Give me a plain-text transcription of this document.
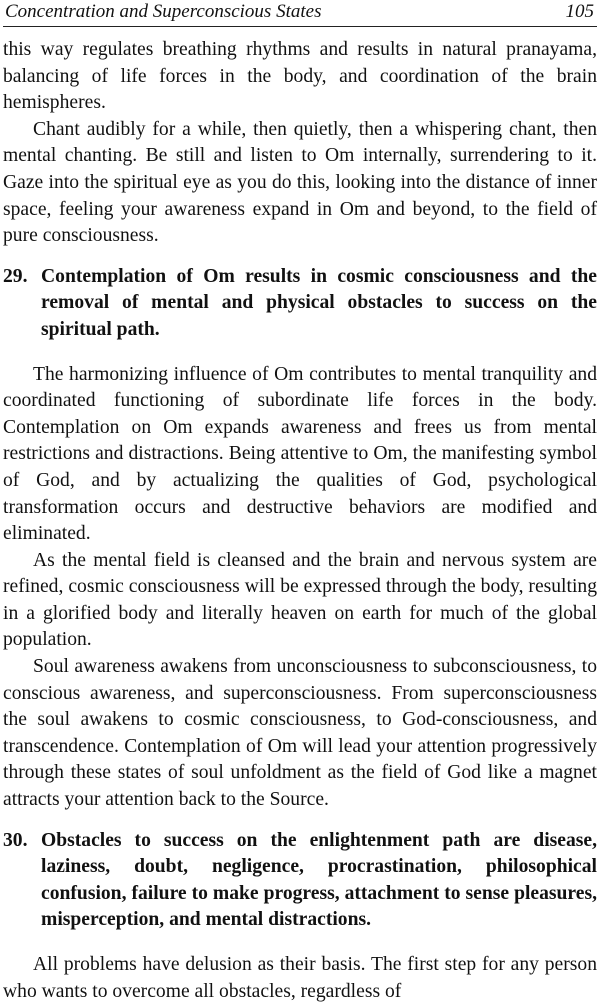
Concentration and Superconscious States	105

this way regulates breathing rhythms and results in natural pranayama, balancing of life forces in the body, and coordination of the brain hemispheres.

Chant audibly for a while, then quietly, then a whispering chant, then mental chanting. Be still and listen to Om internally, surrendering to it. Gaze into the spiritual eye as you do this, looking into the distance of inner space, feeling your awareness expand in Om and beyond, to the field of pure consciousness.

29. Contemplation of Om results in cosmic consciousness and the removal of mental and physical obstacles to success on the spiritual path.

The harmonizing influence of Om contributes to mental tranquility and coordinated functioning of subordinate life forces in the body. Contemplation on Om expands awareness and frees us from mental restrictions and distractions. Being attentive to Om, the manifesting symbol of God, and by actualizing the qualities of God, psychological transformation occurs and destructive behaviors are modified and eliminated.

As the mental field is cleansed and the brain and nervous system are refined, cosmic consciousness will be expressed through the body, resulting in a glorified body and literally heaven on earth for much of the global population.

Soul awareness awakens from unconsciousness to subconsciousness, to conscious awareness, and superconsciousness. From superconsciousness the soul awakens to cosmic consciousness, to God-consciousness, and transcendence. Contemplation of Om will lead your attention progressively through these states of soul unfoldment as the field of God like a magnet attracts your attention back to the Source.

30. Obstacles to success on the enlightenment path are disease, laziness, doubt, negligence, procrastination, philosophical confusion, failure to make progress, attachment to sense pleasures, misperception, and mental distractions.

All problems have delusion as their basis. The first step for any person who wants to overcome all obstacles, regardless of
